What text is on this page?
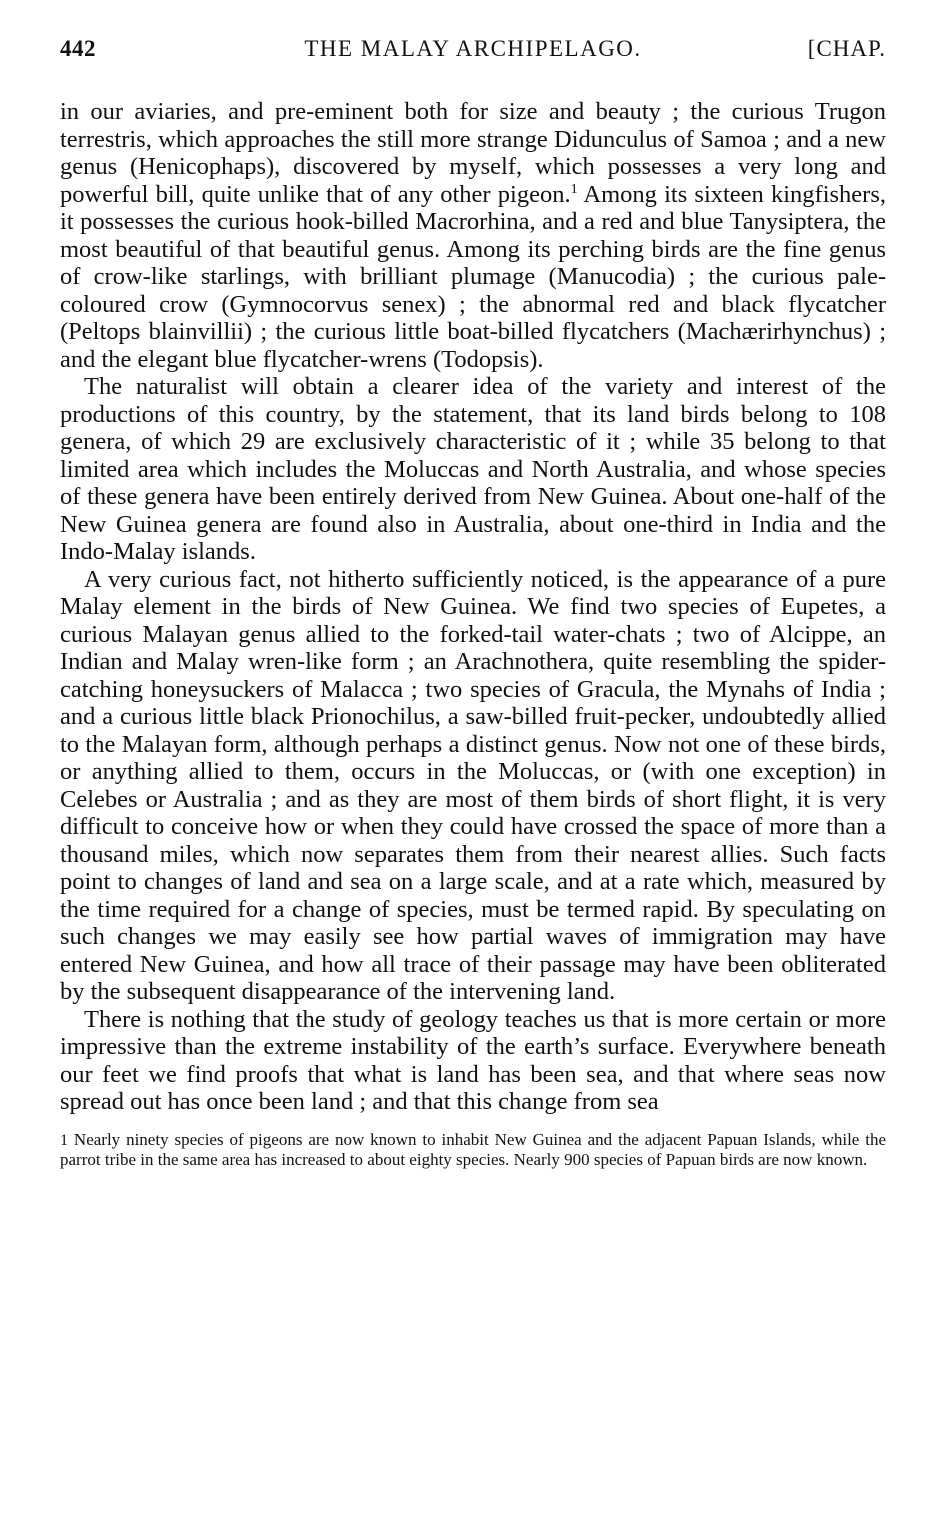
442	THE MALAY ARCHIPELAGO.	[CHAP.

in our aviaries, and pre-eminent both for size and beauty ; the curious Trugon terrestris, which approaches the still more strange Didunculus of Samoa ; and a new genus (Henicophaps), discovered by myself, which possesses a very long and powerful bill, quite unlike that of any other pigeon.$^1$ Among its sixteen kingfishers, it possesses the curious hook-billed Macrorhina, and a red and blue Tanysiptera, the most beautiful of that beautiful genus. Among its perching birds are the fine genus of crow-like starlings, with brilliant plumage (Manucodia) ; the curious pale-coloured crow (Gymnocorvus senex) ; the abnormal red and black flycatcher (Peltops blainvillii) ; the curious little boat-billed flycatchers (Machærirhynchus) ; and the elegant blue flycatcher-wrens (Todopsis).

The naturalist will obtain a clearer idea of the variety and interest of the productions of this country, by the statement, that its land birds belong to 108 genera, of which 29 are exclusively characteristic of it ; while 35 belong to that limited area which includes the Moluccas and North Australia, and whose species of these genera have been entirely derived from New Guinea. About one-half of the New Guinea genera are found also in Australia, about one-third in India and the Indo-Malay islands.

A very curious fact, not hitherto sufficiently noticed, is the appearance of a pure Malay element in the birds of New Guinea. We find two species of Eupetes, a curious Malayan genus allied to the forked-tail water-chats ; two of Alcippe, an Indian and Malay wren-like form ; an Arachnothera, quite resembling the spider-catching honeysuckers of Malacca ; two species of Gracula, the Mynahs of India ; and a curious little black Prionochilus, a saw-billed fruit-pecker, undoubtedly allied to the Malayan form, although perhaps a distinct genus. Now not one of these birds, or anything allied to them, occurs in the Moluccas, or (with one exception) in Celebes or Australia ; and as they are most of them birds of short flight, it is very difficult to conceive how or when they could have crossed the space of more than a thousand miles, which now separates them from their nearest allies. Such facts point to changes of land and sea on a large scale, and at a rate which, measured by the time required for a change of species, must be termed rapid. By speculating on such changes we may easily see how partial waves of immigration may have entered New Guinea, and how all trace of their passage may have been obliterated by the subsequent disappearance of the intervening land.

There is nothing that the study of geology teaches us that is more certain or more impressive than the extreme instability of the earth’s surface. Everywhere beneath our feet we find proofs that what is land has been sea, and that where seas now spread out has once been land ; and that this change from sea

1 Nearly ninety species of pigeons are now known to inhabit New Guinea and the adjacent Papuan Islands, while the parrot tribe in the same area has increased to about eighty species. Nearly 900 species of Papuan birds are now known.
